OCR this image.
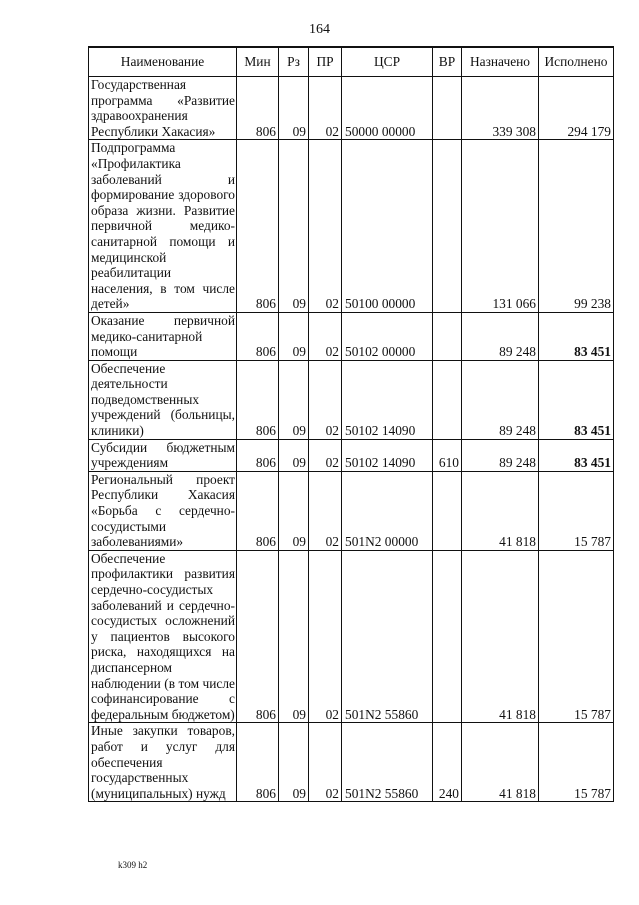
164
Наименование	Мин	Рз	ПР	ЦСР	ВР	Назначено	Исполнено
Государственная программа «Развитие здравоохранения Республики Хакасия»	806	09	02	50000 00000		339 308	294 179
Подпрограмма «Профилактика заболеваний и формирование здорового образа жизни. Развитие первичной медико-санитарной помощи и медицинской реабилитации населения, в том числе детей»	806	09	02	50100 00000		131 066	99 238
Оказание первичной медико-санитарной помощи	806	09	02	50102 00000		89 248	83 451
Обеспечение деятельности подведомственных учреждений (больницы, клиники)	806	09	02	50102 14090		89 248	83 451
Субсидии бюджетным учреждениям	806	09	02	50102 14090	610	89 248	83 451
Региональный проект Республики Хакасия «Борьба с сердечно-сосудистыми заболеваниями»	806	09	02	501N2 00000		41 818	15 787
Обеспечение профилактики развития сердечно-сосудистых заболеваний и сердечно-сосудистых осложнений у пациентов высокого риска, находящихся на диспансерном наблюдении (в том числе софинансирование с федеральным бюджетом)	806	09	02	501N2 55860		41 818	15 787
Иные закупки товаров, работ и услуг для обеспечения государственных (муниципальных) нужд	806	09	02	501N2 55860	240	41 818	15 787
k309 h2
